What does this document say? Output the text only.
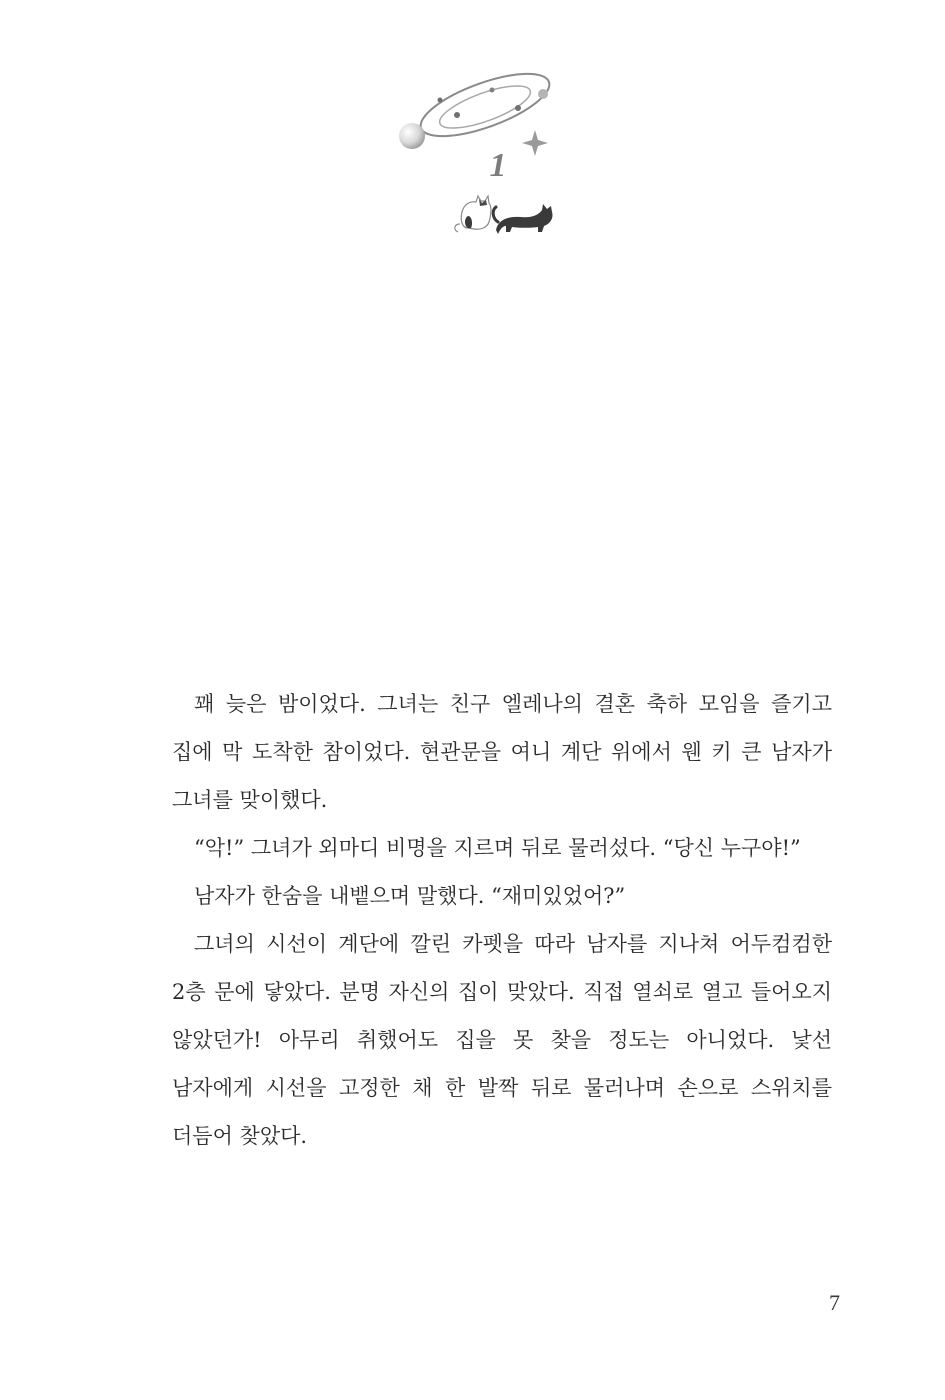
1

꽤 늦은 밤이었다. 그녀는 친구 엘레나의 결혼 축하 모임을 즐기고 집에 막 도착한 참이었다. 현관문을 여니 계단 위에서 웬 키 큰 남자가 그녀를 맞이했다.

“악!” 그녀가 외마디 비명을 지르며 뒤로 물러섰다. “당신 누구야!”

남자가 한숨을 내뱉으며 말했다. “재미있었어?”

그녀의 시선이 계단에 깔린 카펫을 따라 남자를 지나쳐 어두컴컴한 2층 문에 닿았다. 분명 자신의 집이 맞았다. 직접 열쇠로 열고 들어오지 않았던가! 아무리 취했어도 집을 못 찾을 정도는 아니었다. 낯선 남자에게 시선을 고정한 채 한 발짝 뒤로 물러나며 손으로 스위치를 더듬어 찾았다.

7
